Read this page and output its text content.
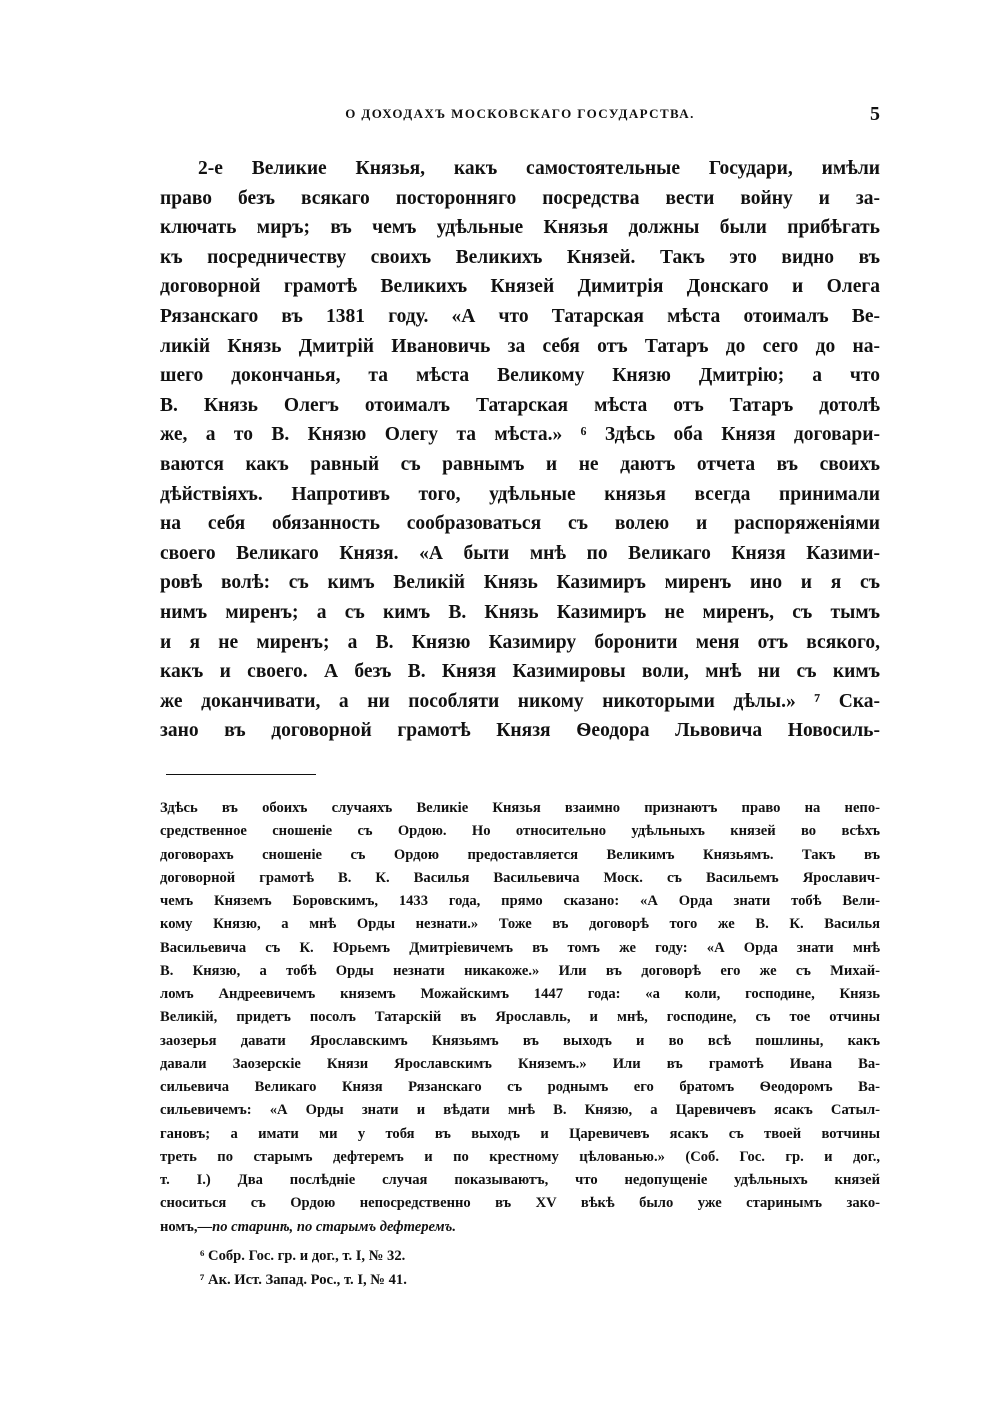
О ДОХОДАХЪ МОСКОВСКАГО ГОСУДАРСТВА.	5
2-е Великие Князья, какъ самостоятельные Государи, имѣли
право безъ всякаго посторонняго посредства вести войну и за-
ключать миръ; въ чемъ удѣльные Князья должны были прибѣгать
къ посредничеству своихъ Великихъ Князей. Такъ это видно въ
договорной грамотѣ Великихъ Князей Димитрія Донскаго и Олега
Рязанскаго въ 1381 году. «А что Татарская мѣста отоималъ Ве-
ликій Князь Дмитрій Ивановичь за себя отъ Татаръ до сего до на-
шего докончанья, та мѣста Великому Князю Дмитрію; а что
В. Князь Олегъ отоималъ Татарская мѣста отъ Татаръ дотолѣ
же, а то В. Князю Олегу та мѣста.» ⁶ Здѣсь оба Князя договари-
ваются какъ равный съ равнымъ и не даютъ отчета въ своихъ
дѣйствіяхъ. Напротивъ того, удѣльные князья всегда принимали
на себя обязанность сообразоваться съ волею и распоряженіями
своего Великаго Князя. «А быти мнѣ по Великаго Князя Казими-
ровѣ волѣ: съ кимъ Великій Князь Казимиръ миренъ ино и я съ
нимъ миренъ; а съ кимъ В. Князь Казимиръ не миренъ, съ тымъ
и я не миренъ; а В. Князю Казимиру боронити меня отъ всякого,
какъ и своего. А безъ В. Князя Казимировы воли, мнѣ ни съ кимъ
же доканчивати, а ни пособляти никому никоторыми дѣлы.» ⁷ Ска-
зано въ договорной грамотѣ Князя Ѳеодора Львовича Новосиль-
Здѣсь въ обоихъ случаяхъ Великіе Князья взаимно признаютъ право на непо-
средственное сношеніе съ Ордою. Но относительно удѣльныхъ князей во всѣхъ
договорахъ сношеніе съ Ордою предоставляется Великимъ Князьямъ. Такъ въ
договорной грамотѣ В. К. Василья Васильевича Моск. съ Васильемъ Ярославич-
чемъ Княземъ Боровскимъ, 1433 года, прямо сказано: «А Орда знати тобѣ Вели-
кому Князю, а мнѣ Орды незнати.» Тоже въ договорѣ того же В. К. Василья
Васильевича съ К. Юрьемъ Дмитріевичемъ въ томъ же году: «А Орда знати мнѣ
В. Князю, а тобѣ Орды незнати никакоже.» Или въ договорѣ его же съ Михай-
ломъ Андреевичемъ княземъ Можайскимъ 1447 года: «а коли, господине, Князь
Великій, придетъ посолъ Татарскій въ Ярославль, и мнѣ, господине, съ тое отчины
заозерья давати Ярославскимъ Князьямъ въ выходъ и во всѣ пошлины, какъ
давали Заозерскіе Князи Ярославскимъ Княземъ.» Или въ грамотѣ Ивана Ва-
сильевича Великаго Князя Рязанскаго съ роднымъ его братомъ Ѳеодоромъ Ва-
сильевичемъ: «А Орды знати и вѣдати мнѣ В. Князю, а Царевичевъ ясакъ Сатыл-
гановъ; а имати ми у тобя въ выходъ и Царевичевъ ясакъ съ твоей вотчины
треть по старымъ дефтеремъ и по крестному цѣлованью.» (Соб. Гос. гр. и дог.,
т. I.) Два послѣдніе случая показываютъ, что недопущеніе удѣльныхъ князей
сноситься съ Ордою непосредственно въ XV вѣкѣ было уже старинымъ зако-
номъ,—по старинѣ, по старымъ дефтеремъ.
⁶ Собр. Гос. гр. и дог., т. I, № 32.
⁷ Ак. Ист. Запад. Рос., т. I, № 41.
